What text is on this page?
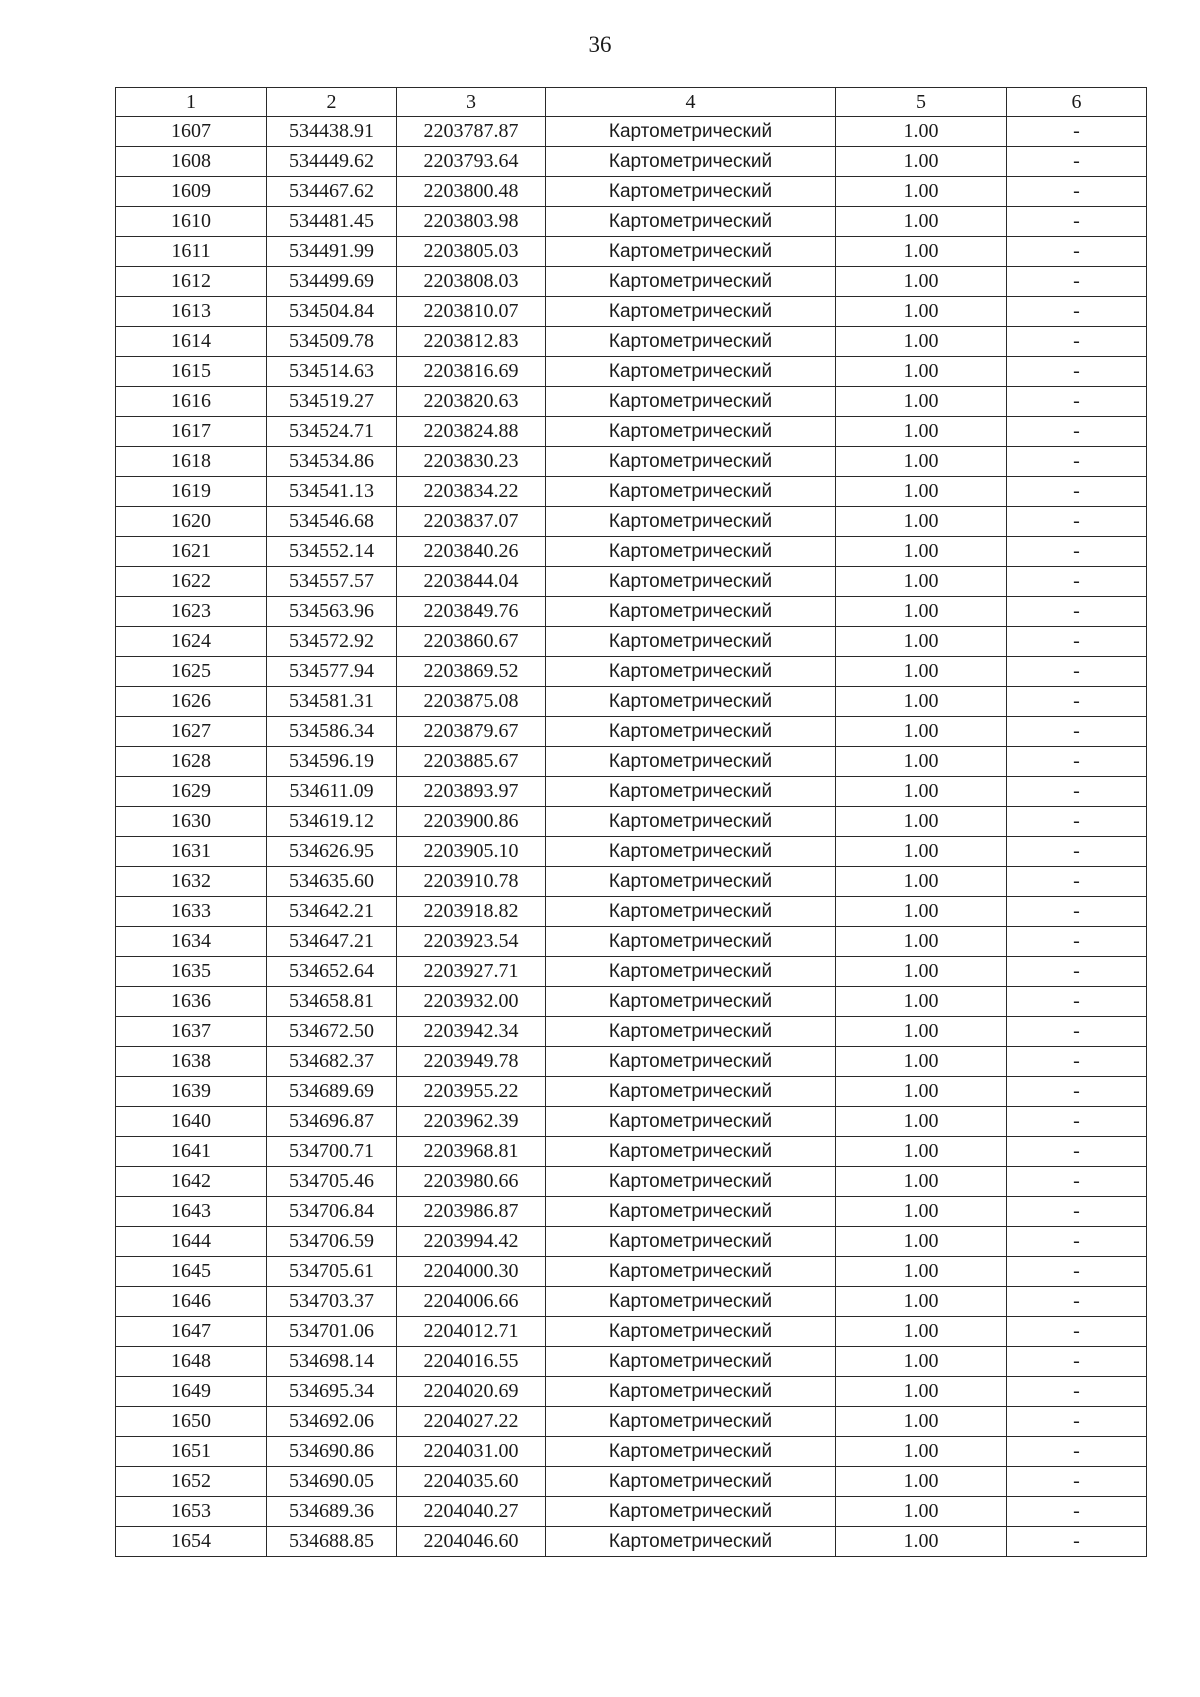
36
1	2	3	4	5	6
1607	534438.91	2203787.87	Картометрический	1.00	-
1608	534449.62	2203793.64	Картометрический	1.00	-
1609	534467.62	2203800.48	Картометрический	1.00	-
1610	534481.45	2203803.98	Картометрический	1.00	-
1611	534491.99	2203805.03	Картометрический	1.00	-
1612	534499.69	2203808.03	Картометрический	1.00	-
1613	534504.84	2203810.07	Картометрический	1.00	-
1614	534509.78	2203812.83	Картометрический	1.00	-
1615	534514.63	2203816.69	Картометрический	1.00	-
1616	534519.27	2203820.63	Картометрический	1.00	-
1617	534524.71	2203824.88	Картометрический	1.00	-
1618	534534.86	2203830.23	Картометрический	1.00	-
1619	534541.13	2203834.22	Картометрический	1.00	-
1620	534546.68	2203837.07	Картометрический	1.00	-
1621	534552.14	2203840.26	Картометрический	1.00	-
1622	534557.57	2203844.04	Картометрический	1.00	-
1623	534563.96	2203849.76	Картометрический	1.00	-
1624	534572.92	2203860.67	Картометрический	1.00	-
1625	534577.94	2203869.52	Картометрический	1.00	-
1626	534581.31	2203875.08	Картометрический	1.00	-
1627	534586.34	2203879.67	Картометрический	1.00	-
1628	534596.19	2203885.67	Картометрический	1.00	-
1629	534611.09	2203893.97	Картометрический	1.00	-
1630	534619.12	2203900.86	Картометрический	1.00	-
1631	534626.95	2203905.10	Картометрический	1.00	-
1632	534635.60	2203910.78	Картометрический	1.00	-
1633	534642.21	2203918.82	Картометрический	1.00	-
1634	534647.21	2203923.54	Картометрический	1.00	-
1635	534652.64	2203927.71	Картометрический	1.00	-
1636	534658.81	2203932.00	Картометрический	1.00	-
1637	534672.50	2203942.34	Картометрический	1.00	-
1638	534682.37	2203949.78	Картометрический	1.00	-
1639	534689.69	2203955.22	Картометрический	1.00	-
1640	534696.87	2203962.39	Картометрический	1.00	-
1641	534700.71	2203968.81	Картометрический	1.00	-
1642	534705.46	2203980.66	Картометрический	1.00	-
1643	534706.84	2203986.87	Картометрический	1.00	-
1644	534706.59	2203994.42	Картометрический	1.00	-
1645	534705.61	2204000.30	Картометрический	1.00	-
1646	534703.37	2204006.66	Картометрический	1.00	-
1647	534701.06	2204012.71	Картометрический	1.00	-
1648	534698.14	2204016.55	Картометрический	1.00	-
1649	534695.34	2204020.69	Картометрический	1.00	-
1650	534692.06	2204027.22	Картометрический	1.00	-
1651	534690.86	2204031.00	Картометрический	1.00	-
1652	534690.05	2204035.60	Картометрический	1.00	-
1653	534689.36	2204040.27	Картометрический	1.00	-
1654	534688.85	2204046.60	Картометрический	1.00	-
